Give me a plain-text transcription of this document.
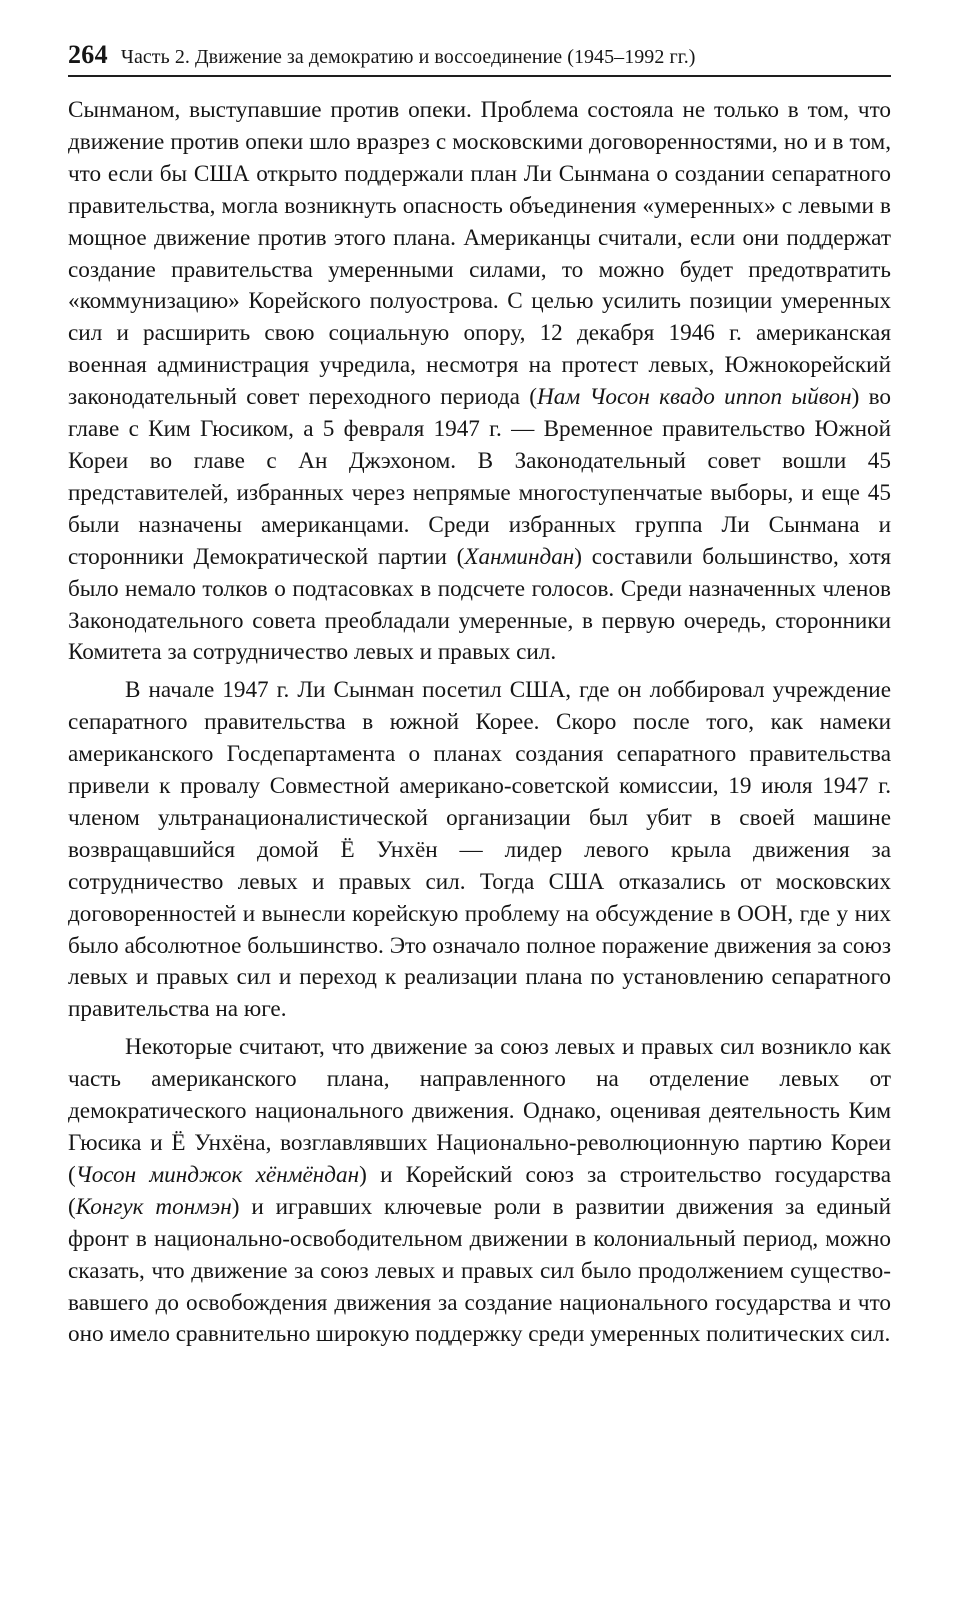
264 Часть 2. Движение за демократию и воссоединение (1945–1992 гг.)

Сынманом, выступавшие против опеки. Проблема состояла не только в том, что движение против опеки шло вразрез с московскими договоренностями, но и в том, что если бы США открыто поддержали план Ли Сынмана о создании сепаратного правительства, могла возникнуть опасность объединения «умеренных» с левыми в мощное движение против этого плана. Американцы считали, если они поддержат создание правительства умеренными силами, то можно будет предотвратить «коммунизацию» Корейского полуострова. С целью усилить позиции умеренных сил и расширить свою социальную опору, 12 декабря 1946 г. американская военная администрация учредила, несмотря на протест левых, Южнокорейский законодательный совет переходного периода (Нам Чосон квадо иппоп ыйвон) во главе с Ким Гюсиком, а 5 февраля 1947 г. — Временное правительство Южной Кореи во главе с Ан Джэхоном. В Законодательный совет вошли 45 представителей, избранных через непрямые многоступенчатые выборы, и еще 45 были назначены американцами. Среди избранных группа Ли Сынмана и сторонники Демократической партии (Ханминдан) составили большинство, хотя было немало толков о подтасовках в подсчете голосов. Среди назначенных членов Законодательного совета преобладали умеренные, в первую очередь, сторонники Комитета за сотрудничество левых и правых сил.

В начале 1947 г. Ли Сынман посетил США, где он лоббировал учреждение сепаратного правительства в южной Корее. Скоро после того, как намеки американского Госдепартамента о планах создания сепаратного правительства привели к провалу Совместной американо-советской комиссии, 19 июля 1947 г. членом ультранационалистической организации был убит в своей машине возвращавшийся домой Ё Унхён — лидер левого крыла движения за сотрудничество левых и правых сил. Тогда США отказались от московских договоренностей и вынесли корейскую проблему на обсуждение в ООН, где у них было абсолютное большинство. Это означало полное поражение движения за союз левых и правых сил и переход к реализации плана по установлению сепаратного правительства на юге.

Некоторые считают, что движение за союз левых и правых сил возникло как часть американского плана, направленного на отделение левых от демократического национального движения. Однако, оценивая деятельность Ким Гюсика и Ё Унхёна, возглавлявших Национально-революционную партию Кореи (Чосон минджок хёнмёндан) и Корейский союз за строительство государства (Конгук тонмэн) и игравших ключевые роли в развитии движения за единый фронт в национально-освободительном движении в колониальный период, можно сказать, что движение за союз левых и правых сил было продолжением существовавшего до освобождения движения за создание национального государства и что оно имело сравнительно широкую поддержку среди умеренных политических сил.
